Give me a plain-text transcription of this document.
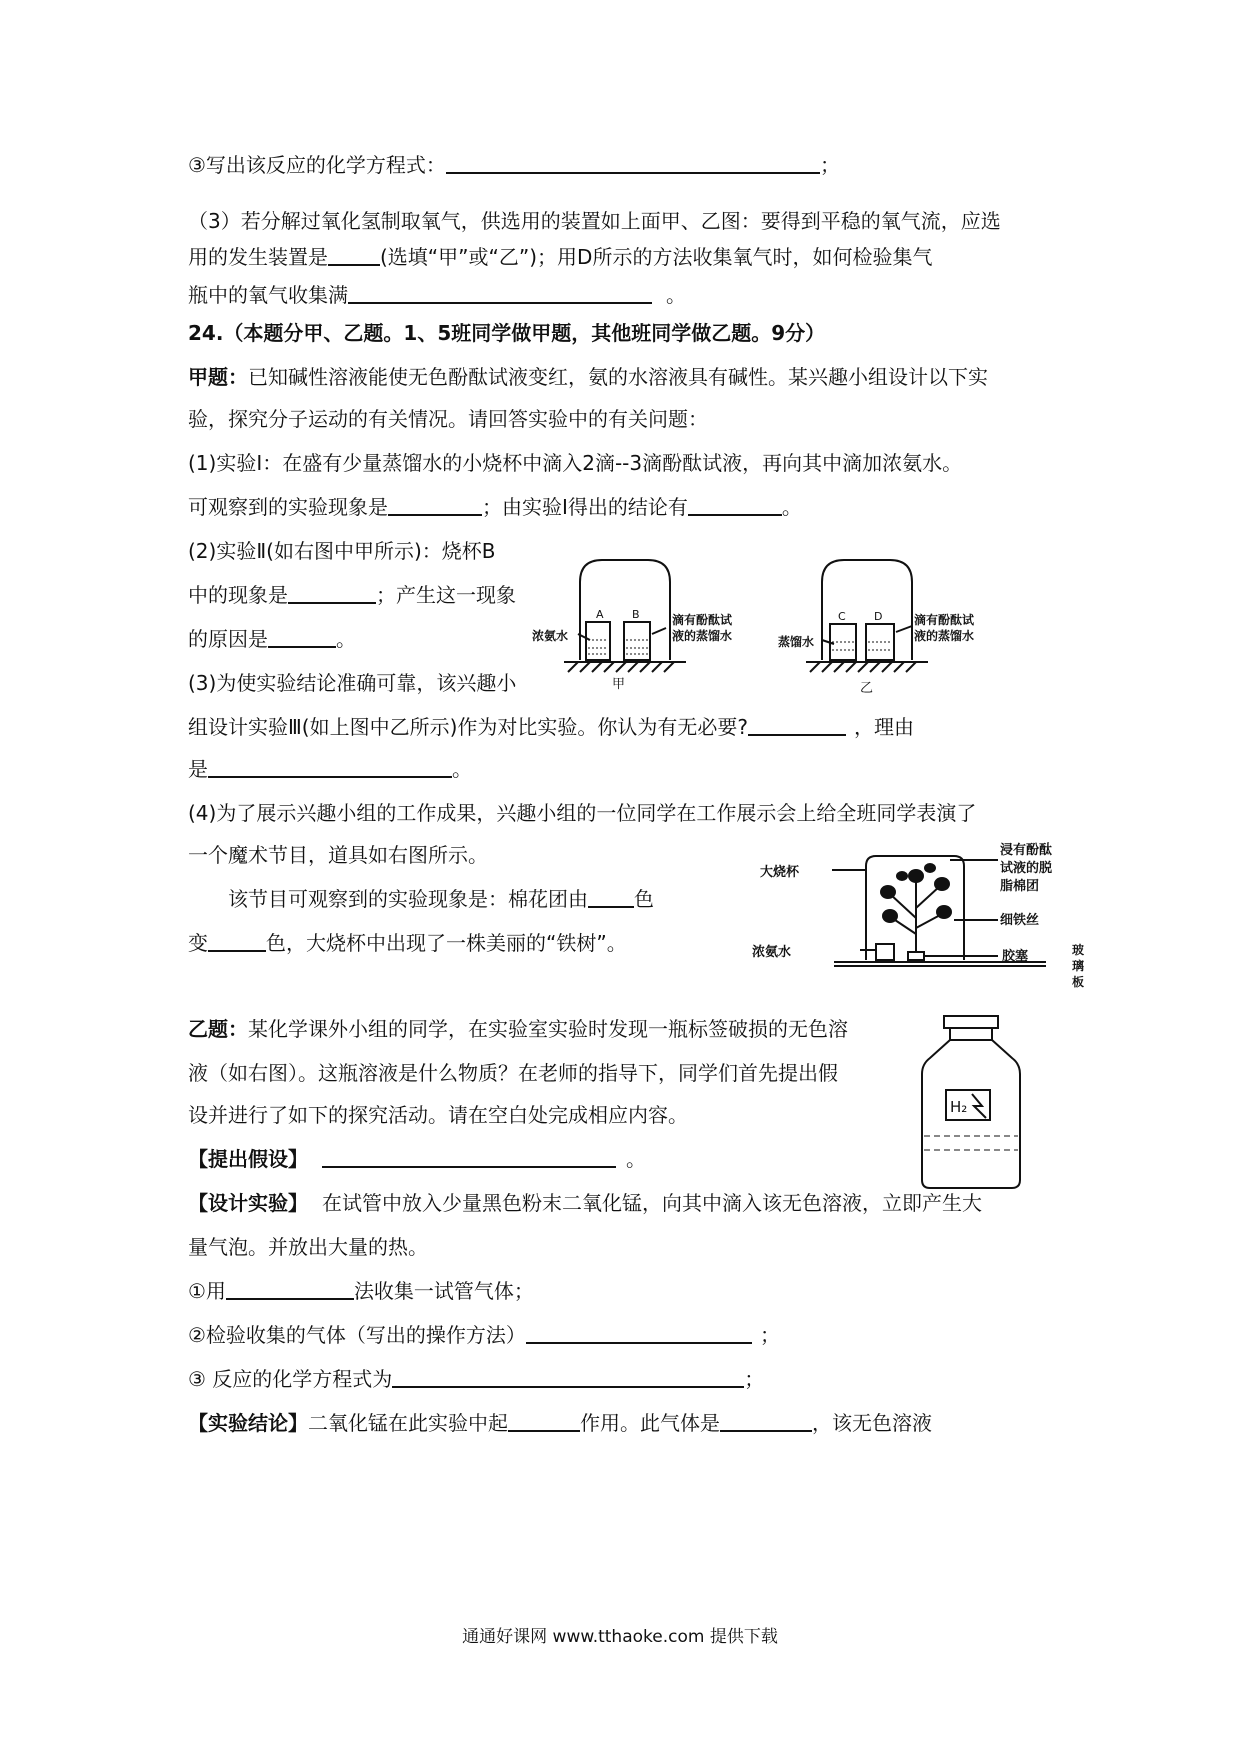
③写出该反应的化学方程式：	；
（3）若分解过氧化氢制取氧气，供选用的装置如上面甲、乙图：要得到平稳的氧气流，应选
用的发生装置是	(选填“甲”或“乙”)；用D所示的方法收集氧气时，如何检验集气
瓶中的氧气收集满	。
24.（本题分甲、乙题。1、5班同学做甲题，其他班同学做乙题。9分）
甲题：已知碱性溶液能使无色酚酞试液变红，氨的水溶液具有碱性。某兴趣小组设计以下实
验，探究分子运动的有关情况。请回答实验中的有关问题：
(1)实验Ⅰ：在盛有少量蒸馏水的小烧杯中滴入2滴--3滴酚酞试液，再向其中滴加浓氨水。
可观察到的实验现象是	；由实验Ⅰ得出的结论有	。
(2)实验Ⅱ(如右图中甲所示)：烧杯B
中的现象是	；产生这一现象
的原因是	。
(3)为使实验结论准确可靠，该兴趣小
组设计实验Ⅲ(如上图中乙所示)作为对比实验。你认为有无必要?	，理由
是	。
(4)为了展示兴趣小组的工作成果，兴趣小组的一位同学在工作展示会上给全班同学表演了
一个魔术节目，道具如右图所示。
该节目可观察到的实验现象是：棉花团由 色
变	色，大烧杯中出现了一株美丽的“铁树”。
乙题：某化学课外小组的同学，在实验室实验时发现一瓶标签破损的无色溶
液（如右图）。这瓶溶液是什么物质？在老师的指导下，同学们首先提出假
设并进行了如下的探究活动。请在空白处完成相应内容。
【提出假设】	。
【设计实验】 在试管中放入少量黑色粉末二氧化锰，向其中滴入该无色溶液，立即产生大
量气泡。并放出大量的热。
①用	法收集一试管气体；
②检验收集的气体（写出的操作方法）	；
③ 反应的化学方程式为	；
【实验结论】二氧化锰在此实验中起	作用。此气体是	，该无色溶液
A	B	C	D
浓氨水
滴有酚酞试
液的蒸馏水	蒸馏水
滴有酚酞试
液的蒸馏水
甲	乙
大烧杯
浸有酚酞
试液的脱
脂棉团
细铁丝
浓氨水	胶塞	玻
璃
板
H₂
通通好课网 www.tthaoke.com 提供下载
